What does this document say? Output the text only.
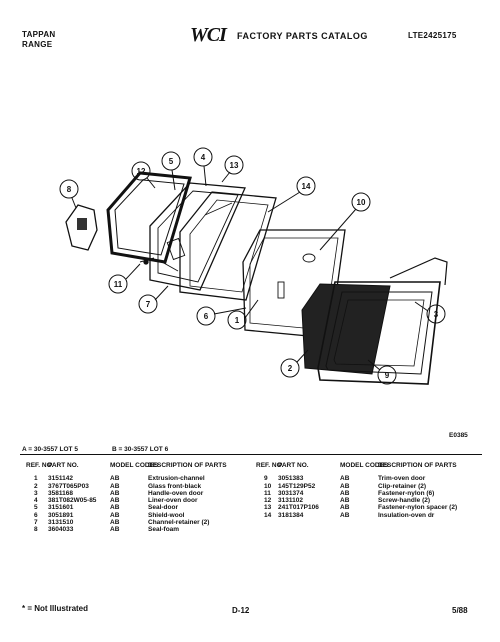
TAPPAN
RANGE	WCI FACTORY PARTS CATALOG	LTE2425175
8
12
5	4
13
14
10
11
7
6	1
3
2
9
E0385
A = 30-3557 LOT 5	B = 30-3557 LOT 6
REF. NO.
PART NO.	MODEL CODES
DESCRIPTION OF PARTS
1	3151142	AB	Extrusion-channel
2	3767T065P03	AB	Glass front-black
3	3581168	AB	Handle-oven door
4	381T082W05-85	AB	Liner-oven door
5	3151601	AB	Seal-door
6	3051891	AB	Shield-wool
7	3131510	AB	Channel-retainer (2)
8	3604033	AB	Seal-foam
REF. NO.
PART NO.	MODEL CODES
DESCRIPTION OF PARTS
9	3051383	AB	Trim-oven door
10	145T129P52	AB	Clip-retainer (2)
11	3031374	AB	Fastener-nylon (6)
12	3131102	AB	Screw-handle (2)
13	241T017P106	AB	Fastener-nylon spacer (2)
14	3181384	AB	Insulation-oven dr
* = Not Illustrated	D-12	5/88
